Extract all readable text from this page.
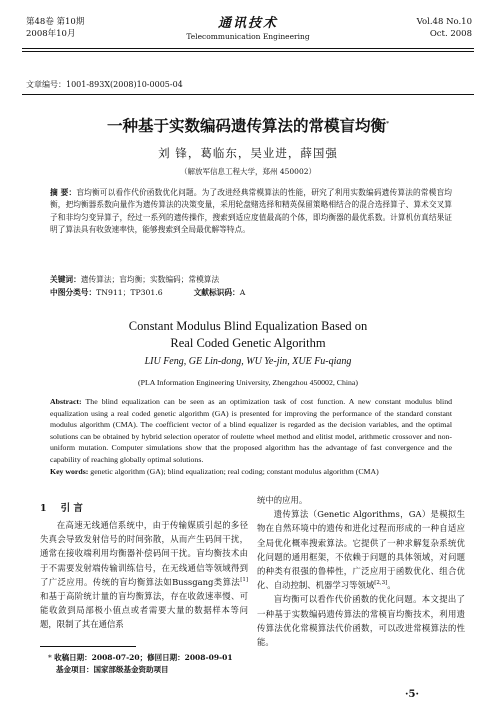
第48卷 第10期
2008年10月
通讯技术
Telecommunication Engineering
Vol.48 No.10
Oct. 2008
文章编号：1001-893X(2008)10-0005-04
一种基于实数编码遗传算法的常模盲均衡*
刘 锋，葛临东，吴业进，薛国强
（解放军信息工程大学，郑州 450002）
摘 要：盲均衡可以看作代价函数优化问题。为了改进经典常模算法的性能，研究了利用实数编码遗传算法的常模盲均衡，把均衡器系数向量作为遗传算法的决策变量，采用轮盘赌选择和精英保留策略相结合的混合选择算子、算术交叉算子和非均匀变异算子，经过一系列的遗传操作，搜索到适应度值最高的个体，即均衡器的最优系数。计算机仿真结果证明了算法具有收敛速率快，能够搜索到全局最优解等特点。
关键词：遗传算法；盲均衡；实数编码；常模算法
中图分类号：TN911；TP301.6	文献标识码：A
Constant Modulus Blind Equalization Based on
Real Coded Genetic Algorithm
LIU Feng, GE Lin-dong, WU Ye-jin, XUE Fu-qiang
(PLA Information Engineering University, Zhengzhou 450002, China)
Abstract: The blind equalization can be seen as an optimization task of cost function. A new constant modulus blind equalization using a real coded genetic algorithm (GA) is presented for improving the performance of the standard constant modulus algorithm (CMA). The coefficient vector of a blind equalizer is regarded as the decision variables, and the optimal solutions can be obtained by hybrid selection operator of roulette wheel method and elitist model, arithmetic crossover and non-uniform mutation. Computer simulations show that the proposed algorithm has the advantage of fast convergence and the capability of reaching globally optimal solutions.
Key words: genetic algorithm (GA); blind equalization; real coding; constant modulus algorithm (CMA)
1 引 言

在高速无线通信系统中，由于传输媒质引起的多径失真会导致发射信号的时间弥散，从而产生码间干扰，通常在接收端利用均衡器补偿码间干扰。盲均衡技术由于不需要发射端传输训练信号，在无线通信等领域得到了广泛应用。传统的盲均衡算法如Bussgang类算法[1]和基于高阶统计量的盲均衡算法，存在收敛速率慢、可能收敛到局部极小值点或者需要大量的数据样本等问题，限制了其在通信系

统中的应用。

遗传算法（Genetic Algorithms，GA）是模拟生物在自然环境中的遗传和进化过程而形成的一种自适应全局优化概率搜索算法。它提供了一种求解复杂系统优化问题的通用框架，不依赖于问题的具体领域，对问题的种类有很强的鲁棒性，广泛应用于函数优化、组合优化、自动控制、机器学习等领域[2,3]。

盲均衡可以看作代价函数的优化问题。本文提出了一种基于实数编码遗传算法的常模盲均衡技术，利用遗传算法优化常模算法代价函数，可以改进常模算法的性能。

* 收稿日期：2008-07-20；修回日期：2008-09-01
基金项目：国家部级基金资助项目
·5·
